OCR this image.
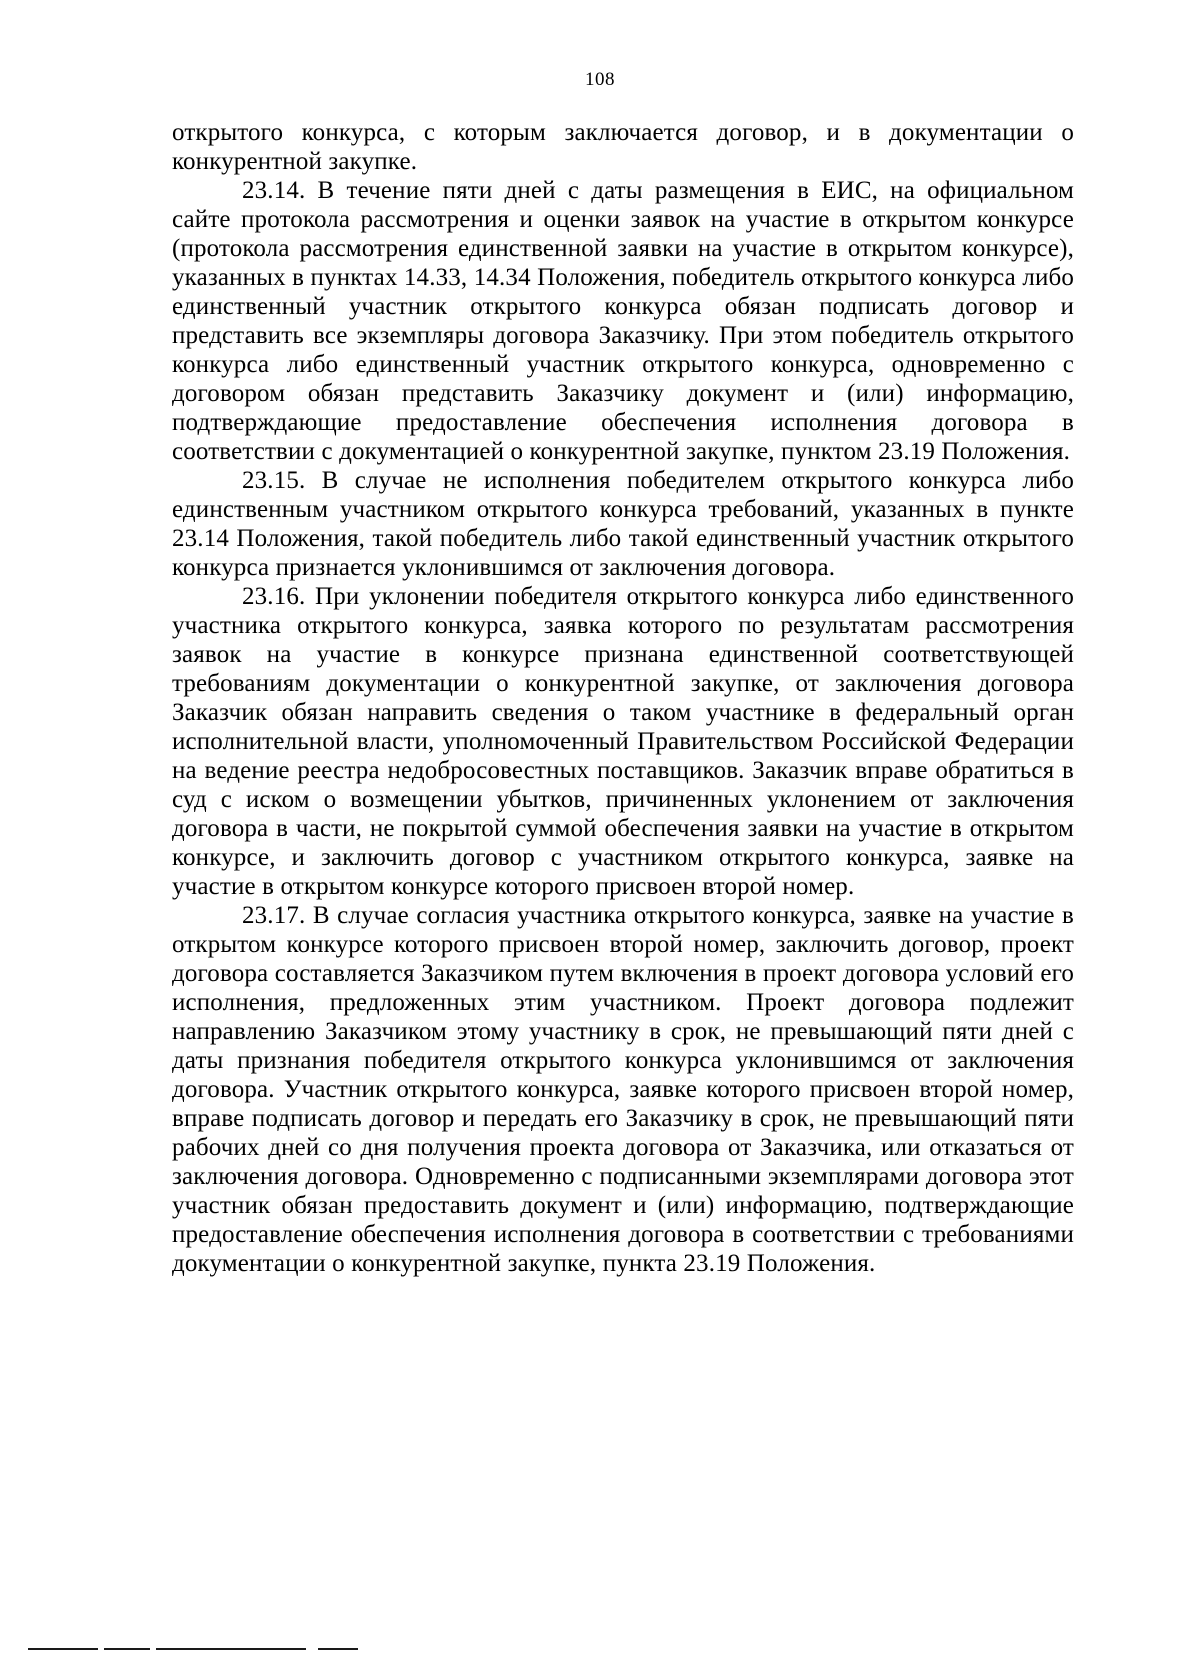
108

открытого конкурса, с которым заключается договор, и в документации о конкурентной закупке.

23.14. В течение пяти дней с даты размещения в ЕИС, на официальном сайте протокола рассмотрения и оценки заявок на участие в открытом конкурсе (протокола рассмотрения единственной заявки на участие в открытом конкурсе), указанных в пунктах 14.33, 14.34 Положения, победитель открытого конкурса либо единственный участник открытого конкурса обязан подписать договор и представить все экземпляры договора Заказчику. При этом победитель открытого конкурса либо единственный участник открытого конкурса, одновременно с договором обязан представить Заказчику документ и (или) информацию, подтверждающие предоставление обеспечения исполнения договора в соответствии с документацией о конкурентной закупке, пунктом 23.19 Положения.

23.15. В случае не исполнения победителем открытого конкурса либо единственным участником открытого конкурса требований, указанных в пункте 23.14 Положения, такой победитель либо такой единственный участник открытого конкурса признается уклонившимся от заключения договора.

23.16. При уклонении победителя открытого конкурса либо единственного участника открытого конкурса, заявка которого по результатам рассмотрения заявок на участие в конкурсе признана единственной соответствующей требованиям документации о конкурентной закупке, от заключения договора Заказчик обязан направить сведения о таком участнике в федеральный орган исполнительной власти, уполномоченный Правительством Российской Федерации на ведение реестра недобросовестных поставщиков. Заказчик вправе обратиться в суд с иском о возмещении убытков, причиненных уклонением от заключения договора в части, не покрытой суммой обеспечения заявки на участие в открытом конкурсе, и заключить договор с участником открытого конкурса, заявке на участие в открытом конкурсе которого присвоен второй номер.

23.17. В случае согласия участника открытого конкурса, заявке на участие в открытом конкурсе которого присвоен второй номер, заключить договор, проект договора составляется Заказчиком путем включения в проект договора условий его исполнения, предложенных этим участником. Проект договора подлежит направлению Заказчиком этому участнику в срок, не превышающий пяти дней с даты признания победителя открытого конкурса уклонившимся от заключения договора. Участник открытого конкурса, заявке которого присвоен второй номер, вправе подписать договор и передать его Заказчику в срок, не превышающий пяти рабочих дней со дня получения проекта договора от Заказчика, или отказаться от заключения договора. Одновременно с подписанными экземплярами договора этот участник обязан предоставить документ и (или) информацию, подтверждающие предоставление обеспечения исполнения договора в соответствии с требованиями документации о конкурентной закупке, пункта 23.19 Положения.
